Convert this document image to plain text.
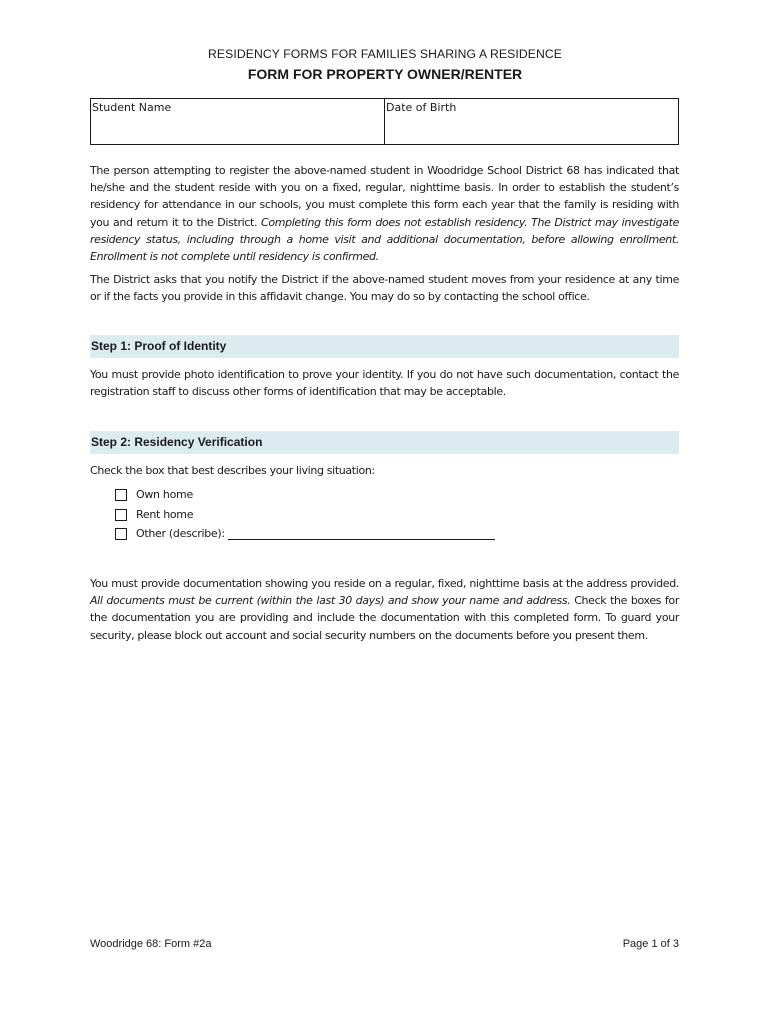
RESIDENCY FORMS FOR FAMILIES SHARING A RESIDENCE
FORM FOR PROPERTY OWNER/RENTER
Student Name	Date of Birth
The person attempting to register the above-named student in Woodridge School District 68 has indicated that he/she and the student reside with you on a fixed, regular, nighttime basis. In order to establish the student’s residency for attendance in our schools, you must complete this form each year that the family is residing with you and return it to the District. Completing this form does not establish residency. The District may investigate residency status, including through a home visit and additional documentation, before allowing enrollment. Enrollment is not complete until residency is confirmed.
The District asks that you notify the District if the above-named student moves from your residence at any time or if the facts you provide in this affidavit change. You may do so by contacting the school office.
Step 1: Proof of Identity
You must provide photo identification to prove your identity. If you do not have such documentation, contact the registration staff to discuss other forms of identification that may be acceptable.
Step 2: Residency Verification
Check the box that best describes your living situation:
Own home
Rent home
Other (describe):
You must provide documentation showing you reside on a regular, fixed, nighttime basis at the address provided. All documents must be current (within the last 30 days) and show your name and address. Check the boxes for the documentation you are providing and include the documentation with this completed form. To guard your security, please block out account and social security numbers on the documents before you present them.
Woodridge 68: Form #2a	Page 1 of 3
